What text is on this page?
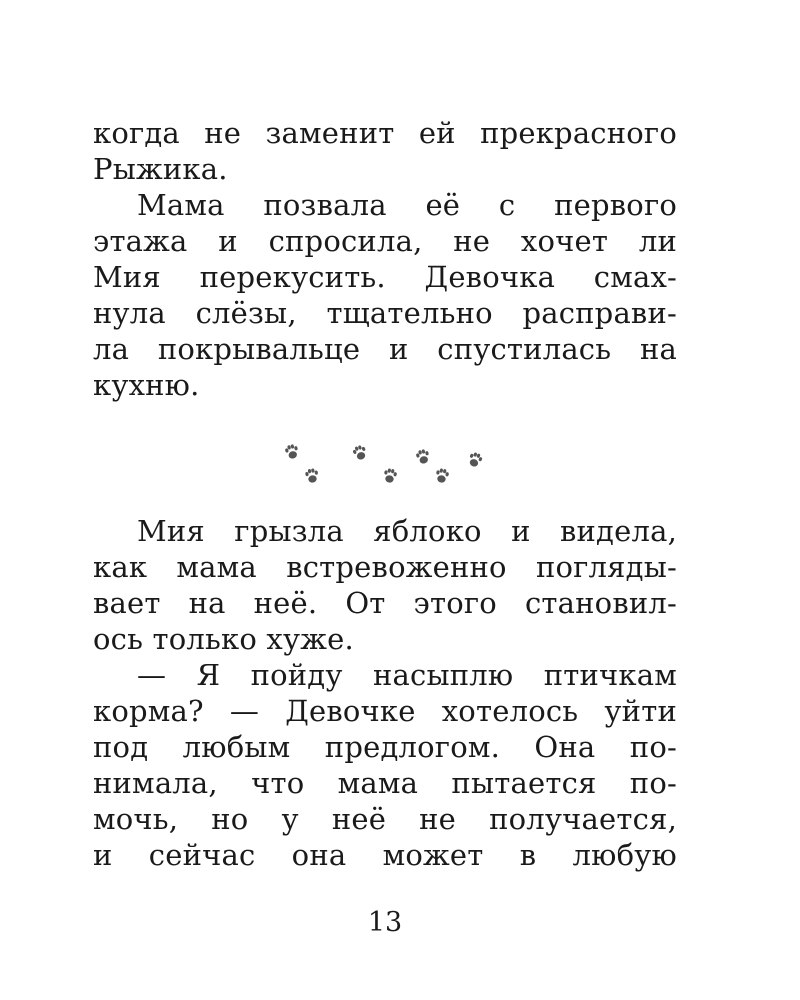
когда не заменит ей прекрасного
Рыжика.
Мама позвала её с первого
этажа и спросила, не хочет ли
Мия перекусить. Девочка смах-
нула слёзы, тщательно расправи-
ла покрывальце и спустилась на
кухню.
Мия грызла яблоко и видела,
как мама встревоженно погляды-
вает на неё. От этого становил-
ось только хуже.
— Я пойду насыплю птичкам
корма? — Девочке хотелось уйти
под любым предлогом. Она по-
нимала, что мама пытается по-
мочь, но у неё не получается,
и сейчас она может в любую
13
